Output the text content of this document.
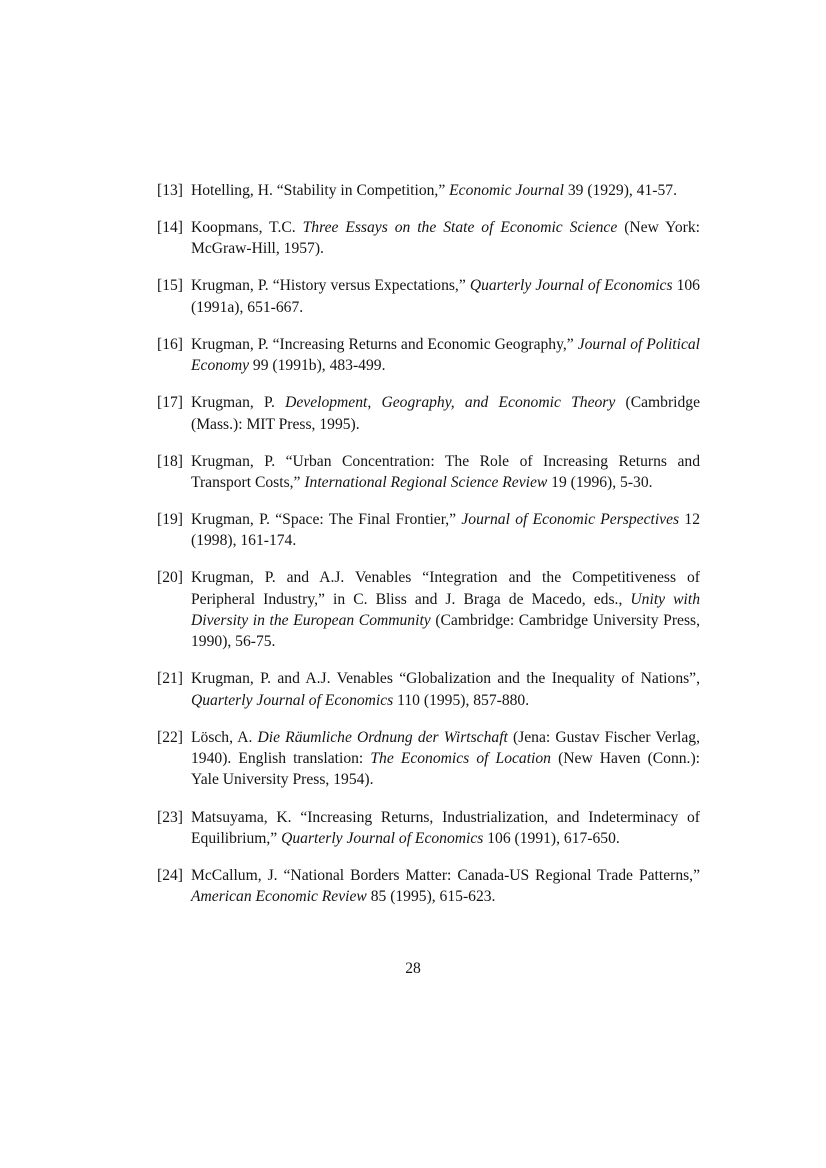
[13] Hotelling, H. “Stability in Competition,” Economic Journal 39 (1929), 41-57.
[14] Koopmans, T.C. Three Essays on the State of Economic Science (New York: McGraw-Hill, 1957).
[15] Krugman, P. “History versus Expectations,” Quarterly Journal of Economics 106 (1991a), 651-667.
[16] Krugman, P. “Increasing Returns and Economic Geography,” Journal of Political Economy 99 (1991b), 483-499.
[17] Krugman, P. Development, Geography, and Economic Theory (Cambridge (Mass.): MIT Press, 1995).
[18] Krugman, P. “Urban Concentration: The Role of Increasing Returns and Transport Costs,” International Regional Science Review 19 (1996), 5-30.
[19] Krugman, P. “Space: The Final Frontier,” Journal of Economic Perspectives 12 (1998), 161-174.
[20] Krugman, P. and A.J. Venables “Integration and the Competitiveness of Peripheral Industry,” in C. Bliss and J. Braga de Macedo, eds., Unity with Diversity in the European Community (Cambridge: Cambridge University Press, 1990), 56-75.
[21] Krugman, P. and A.J. Venables “Globalization and the Inequality of Nations”, Quarterly Journal of Economics 110 (1995), 857-880.
[22] Lösch, A. Die Räumliche Ordnung der Wirtschaft (Jena: Gustav Fischer Verlag, 1940). English translation: The Economics of Location (New Haven (Conn.): Yale University Press, 1954).
[23] Matsuyama, K. “Increasing Returns, Industrialization, and Indeterminacy of Equilibrium,” Quarterly Journal of Economics 106 (1991), 617-650.
[24] McCallum, J. “National Borders Matter: Canada-US Regional Trade Patterns,” American Economic Review 85 (1995), 615-623.
28
